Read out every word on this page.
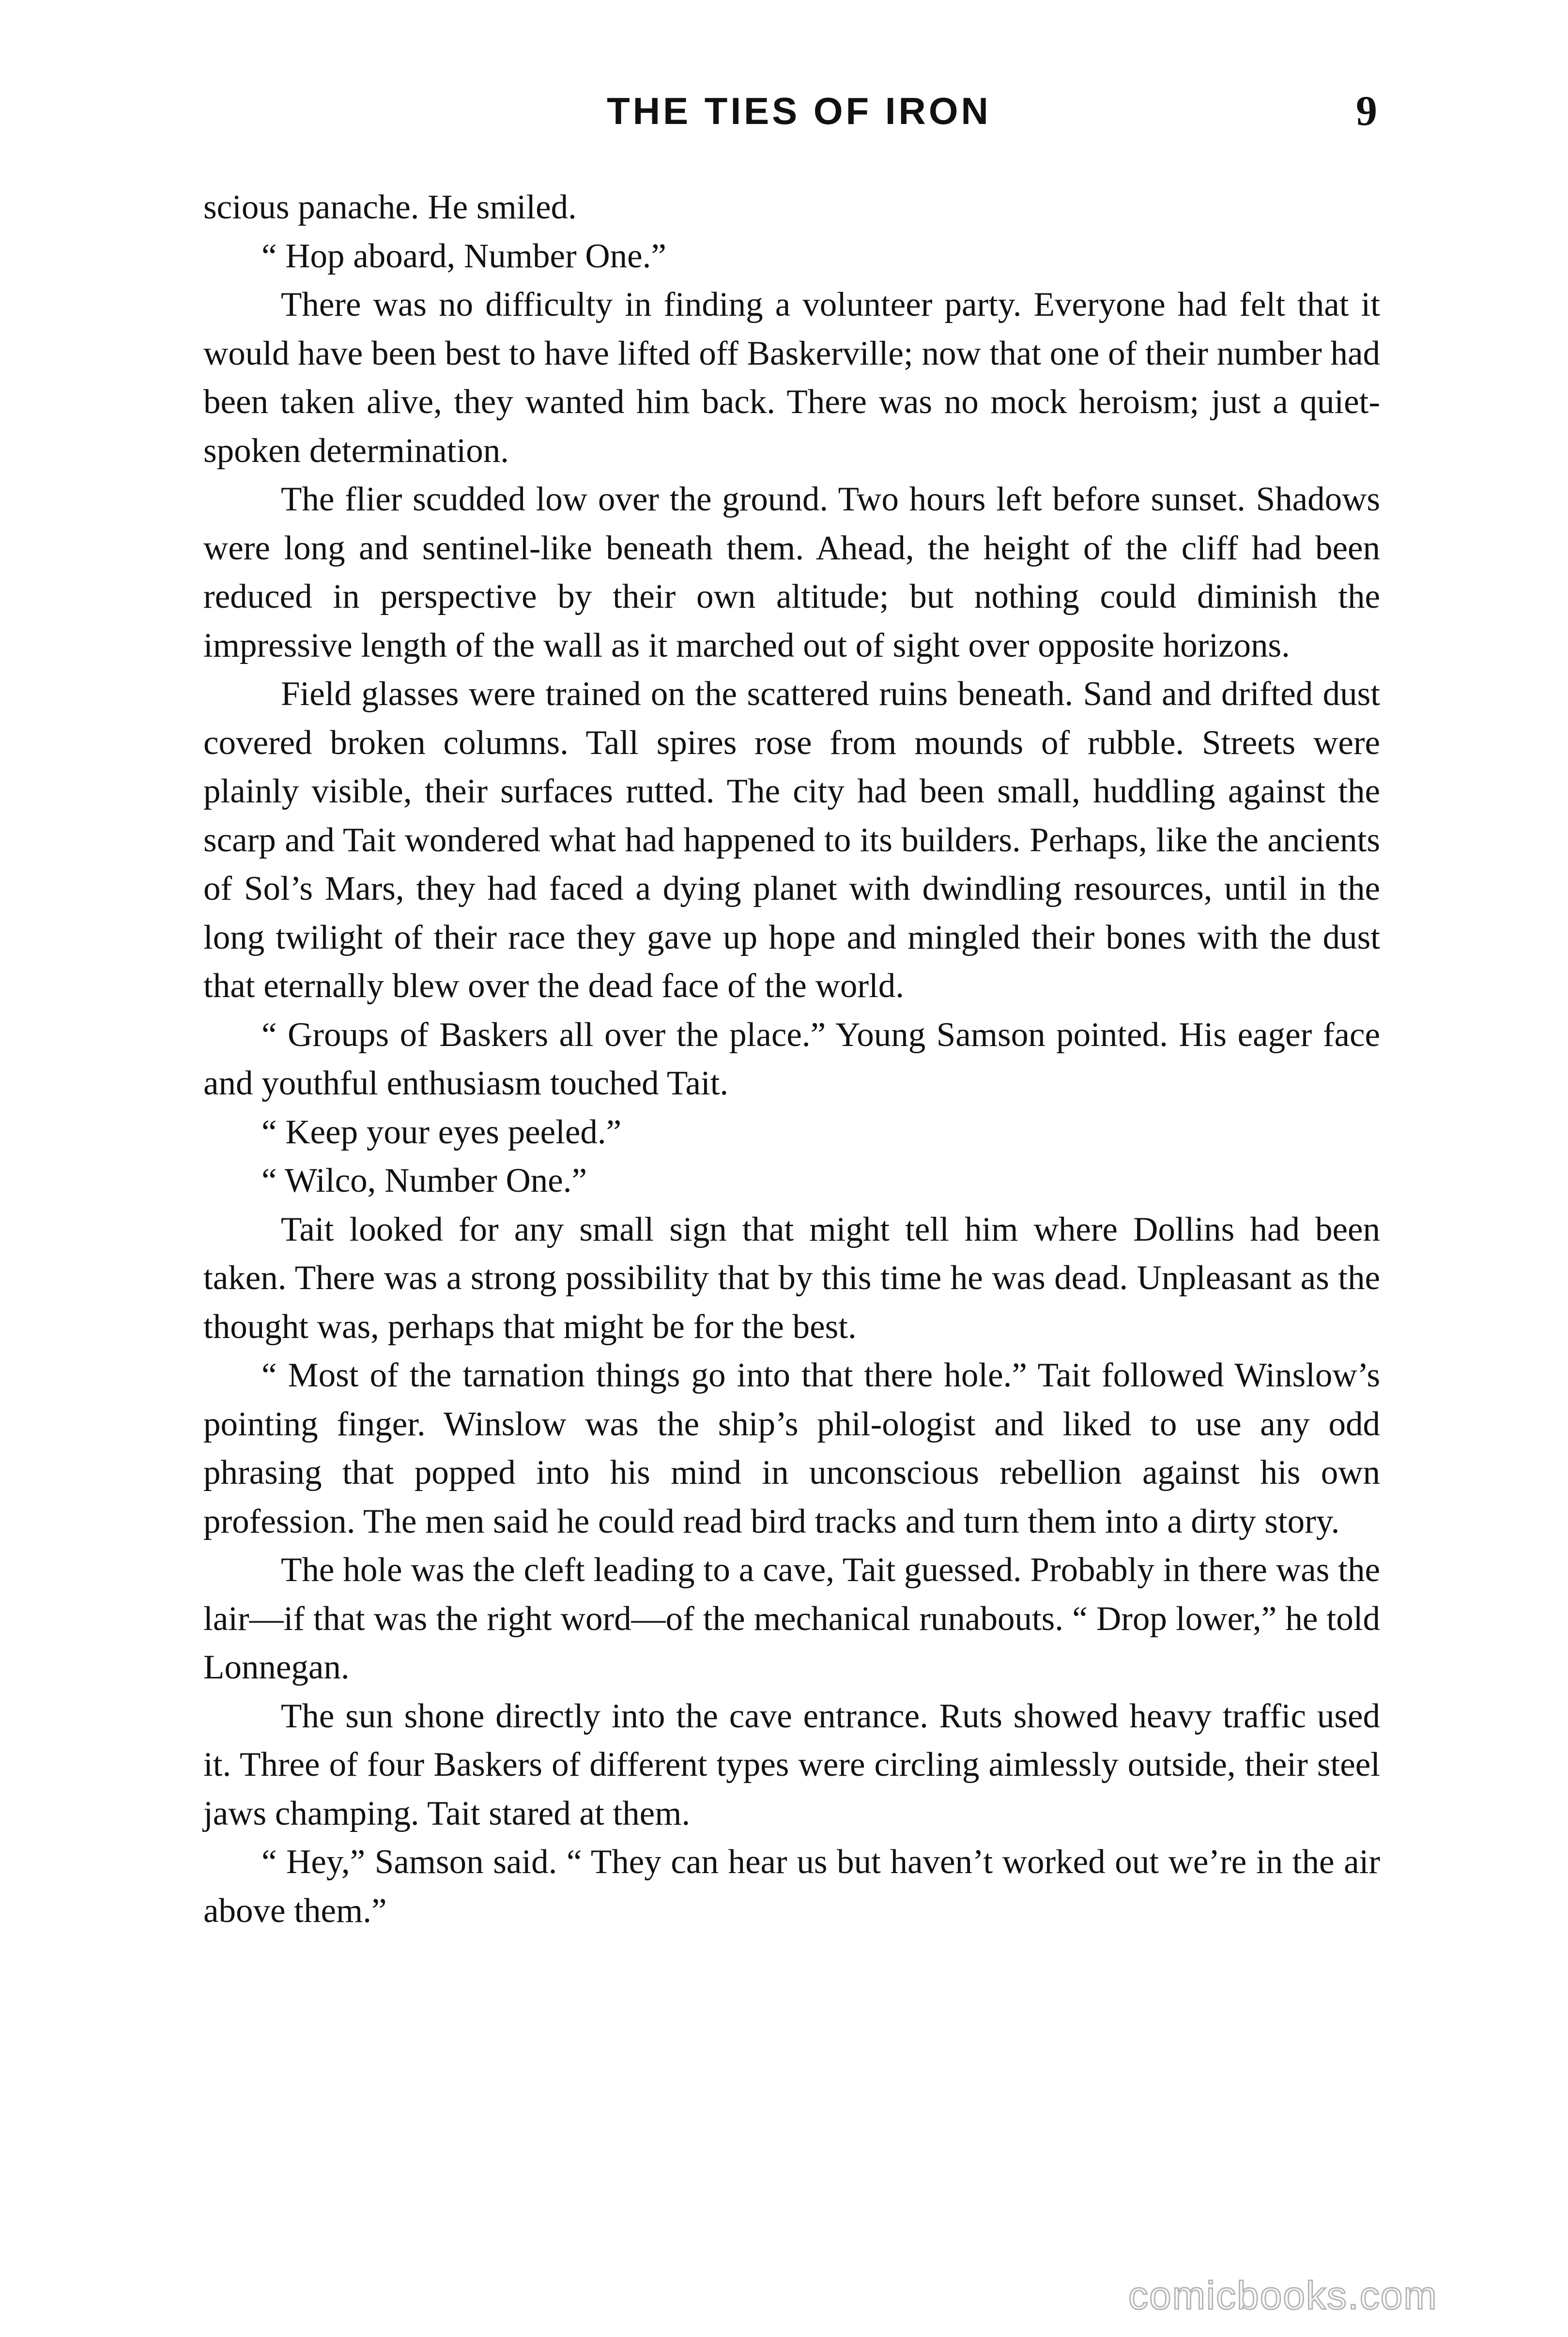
THE TIES OF IRON	9

scious panache. He smiled.

“ Hop aboard, Number One.”

There was no difficulty in finding a volunteer party. Everyone had felt that it would have been best to have lifted off Baskerville; now that one of their number had been taken alive, they wanted him back. There was no mock heroism; just a quiet-spoken determination.

The flier scudded low over the ground. Two hours left before sunset. Shadows were long and sentinel-like beneath them. Ahead, the height of the cliff had been reduced in perspective by their own altitude; but nothing could diminish the impressive length of the wall as it marched out of sight over opposite horizons.

Field glasses were trained on the scattered ruins beneath. Sand and drifted dust covered broken columns. Tall spires rose from mounds of rubble. Streets were plainly visible, their surfaces rutted. The city had been small, huddling against the scarp and Tait wondered what had happened to its builders. Perhaps, like the ancients of Sol’s Mars, they had faced a dying planet with dwindling resources, until in the long twilight of their race they gave up hope and mingled their bones with the dust that eternally blew over the dead face of the world.

“ Groups of Baskers all over the place.” Young Samson pointed. His eager face and youthful enthusiasm touched Tait.

“ Keep your eyes peeled.”

“ Wilco, Number One.”

Tait looked for any small sign that might tell him where Dollins had been taken. There was a strong possibility that by this time he was dead. Unpleasant as the thought was, perhaps that might be for the best.

“ Most of the tarnation things go into that there hole.” Tait followed Winslow’s pointing finger. Winslow was the ship’s phil-ologist and liked to use any odd phrasing that popped into his mind in unconscious rebellion against his own profession. The men said he could read bird tracks and turn them into a dirty story.

The hole was the cleft leading to a cave, Tait guessed. Probably in there was the lair—if that was the right word—of the mechanical runabouts. “ Drop lower,” he told Lonnegan.

The sun shone directly into the cave entrance. Ruts showed heavy traffic used it. Three of four Baskers of different types were circling aimlessly outside, their steel jaws champing. Tait stared at them.

“ Hey,” Samson said. “ They can hear us but haven’t worked out we’re in the air above them.”

comicbooks.com
